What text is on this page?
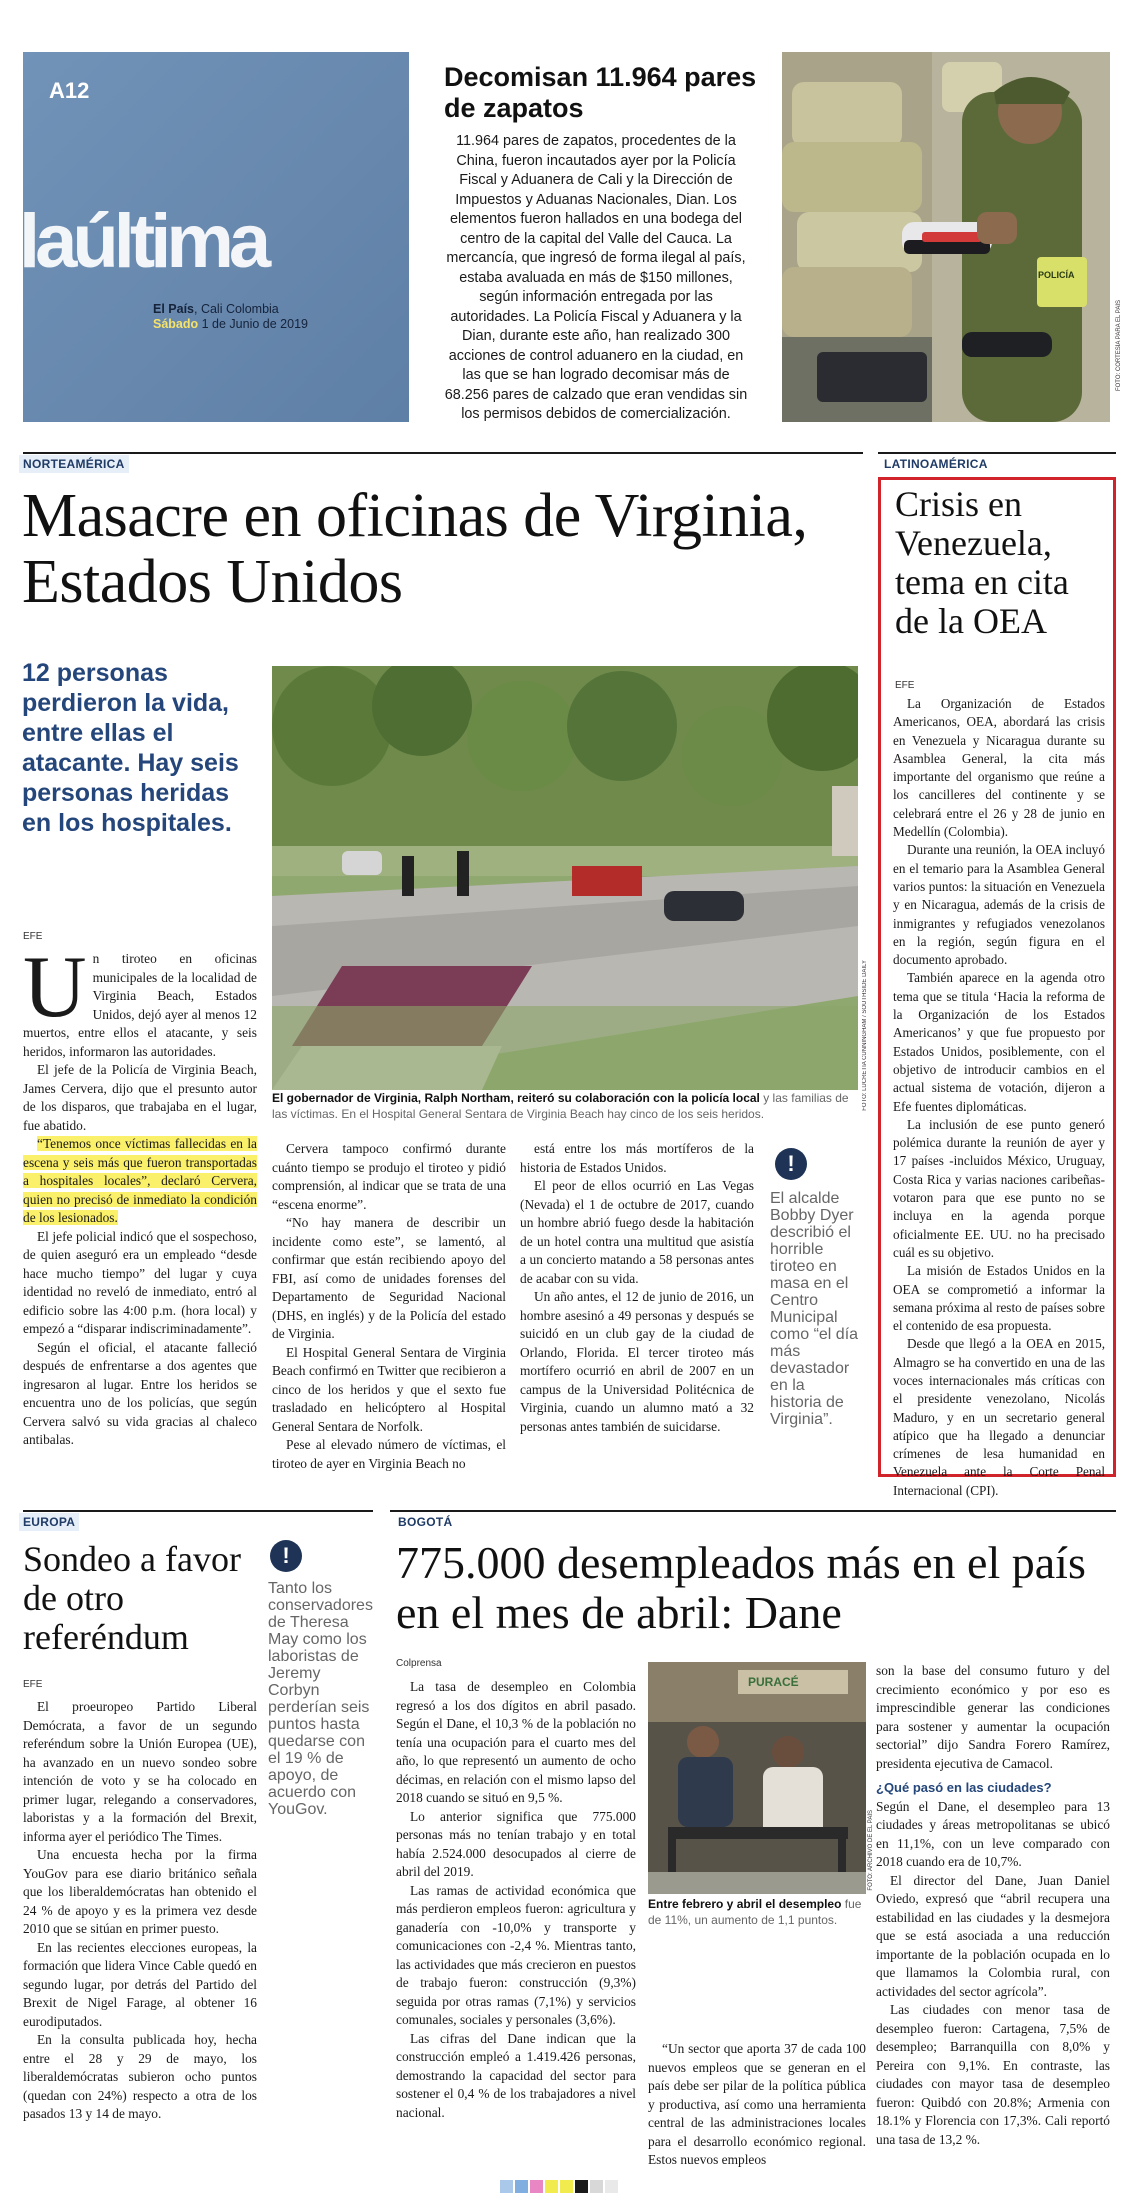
A12
laúltima
El País, Cali Colombia
Sábado 1 de Junio de 2019
Decomisan 11.964 pares de zapatos
11.964 pares de zapatos, procedentes de la China, fueron incautados ayer por la Policía Fiscal y Aduanera de Cali y la Dirección de Impuestos y Aduanas Nacionales, Dian. Los elementos fueron hallados en una bodega del centro de la capital del Valle del Cauca. La mercancía, que ingresó de forma ilegal al país, estaba avaluada en más de $150 millones, según información entregada por las autoridades. La Policía Fiscal y Aduanera y la Dian, durante este año, han realizado 300 acciones de control aduanero en la ciudad, en las que se han logrado decomisar más de 68.256 pares de calzado que eran vendidas sin los permisos debidos de comercialización.
POLICÍA
FOTO: CORTESÍA PARA EL PAÍS
NORTEAMÉRICA
Masacre en oficinas de Virginia, Estados Unidos
12 personas perdieron la vida, entre ellas el atacante. Hay seis personas heridas en los hospitales.
EFE
FOTO: LUCRETIA CUNNINGHAM / SOUTHSIDE DAILY
El gobernador de Virginia, Ralph Northam, reiteró su colaboración con la policía local y las familias de las víctimas. En el Hospital General Sentara de Virginia Beach hay cinco de los seis heridos.
U n tiroteo en oficinas municipales de la localidad de Virginia Beach, Estados Unidos, dejó ayer al menos 12 muertos, entre ellos el atacante, y seis heridos, informaron las autoridades.

El jefe de la Policía de Virginia Beach, James Cervera, dijo que el presunto autor de los disparos, que trabajaba en el lugar, fue abatido.

“Tenemos once víctimas fallecidas en la escena y seis más que fueron transportadas a hospitales locales”, declaró Cervera, quien no precisó de inmediato la condición de los lesionados.

El jefe policial indicó que el sospechoso, de quien aseguró era un empleado “desde hace mucho tiempo” del lugar y cuya identidad no reveló de inmediato, entró al edificio sobre las 4:00 p.m. (hora local) y empezó a “disparar indiscriminadamente”.

Según el oficial, el atacante falleció después de enfrentarse a dos agentes que ingresaron al lugar. Entre los heridos se encuentra uno de los policías, que según Cervera salvó su vida gracias al chaleco antibalas.

Cervera tampoco confirmó durante cuánto tiempo se produjo el tiroteo y pidió comprensión, al indicar que se trata de una “escena enorme”.

“No hay manera de describir un incidente como este”, se lamentó, al confirmar que están recibiendo apoyo del FBI, así como de unidades forenses del Departamento de Seguridad Nacional (DHS, en inglés) y de la Policía del estado de Virginia.

El Hospital General Sentara de Virginia Beach confirmó en Twitter que recibieron a cinco de los heridos y que el sexto fue trasladado en helicóptero al Hospital General Sentara de Norfolk.

Pese al elevado número de víctimas, el tiroteo de ayer en Virginia Beach no

está entre los más mortíferos de la historia de Estados Unidos.

El peor de ellos ocurrió en Las Vegas (Nevada) el 1 de octubre de 2017, cuando un hombre abrió fuego desde la habitación de un hotel contra una multitud que asistía a un concierto matando a 58 personas antes de acabar con su vida.

Un año antes, el 12 de junio de 2016, un hombre asesinó a 49 personas y después se suicidó en un club gay de la ciudad de Orlando, Florida. El tercer tiroteo más mortífero ocurrió en abril de 2007 en un campus de la Universidad Politécnica de Virginia, cuando un alumno mató a 32 personas antes también de suicidarse.

!
El alcalde Bobby Dyer describió el horrible tiroteo en masa en el Centro Municipal como “el día más devastador en la historia de Virginia”.
LATINOAMÉRICA
Crisis en Venezuela, tema en cita de la OEA
EFE

La Organización de Estados Americanos, OEA, abordará las crisis en Venezuela y Nicaragua durante su Asamblea General, la cita más importante del organismo que reúne a los cancilleres del continente y se celebrará entre el 26 y 28 de junio en Medellín (Colombia).

Durante una reunión, la OEA incluyó en el temario para la Asamblea General varios puntos: la situación en Venezuela y en Nicaragua, además de la crisis de inmigrantes y refugiados venezolanos en la región, según figura en el documento aprobado.

También aparece en la agenda otro tema que se titula ‘Hacia la reforma de la Organización de los Estados Americanos’ y que fue propuesto por Estados Unidos, posiblemente, con el objetivo de introducir cambios en el actual sistema de votación, dijeron a Efe fuentes diplomáticas.

La inclusión de ese punto generó polémica durante la reunión de ayer y 17 países -incluidos México, Uruguay, Costa Rica y varias naciones caribeñas- votaron para que ese punto no se incluya en la agenda porque oficialmente EE. UU. no ha precisado cuál es su objetivo.

La misión de Estados Unidos en la OEA se comprometió a informar la semana próxima al resto de países sobre el contenido de esa propuesta.

Desde que llegó a la OEA en 2015, Almagro se ha convertido en una de las voces internacionales más críticas con el presidente venezolano, Nicolás Maduro, y en un secretario general atípico que ha llegado a denunciar crímenes de lesa humanidad en Venezuela ante la Corte Penal Internacional (CPI).

EUROPA
Sondeo a favor de otro referéndum
EFE
!
Tanto los conservadores de Theresa May como los laboristas de Jeremy Corbyn perderían seis puntos hasta quedarse con el 19 % de apoyo, de acuerdo con YouGov.

El proeuropeo Partido Liberal Demócrata, a favor de un segundo referéndum sobre la Unión Europea (UE), ha avanzado en un nuevo sondeo sobre intención de voto y se ha colocado en primer lugar, relegando a conservadores, laboristas y a la formación del Brexit, informa ayer el periódico The Times.

Una encuesta hecha por la firma YouGov para ese diario británico señala que los liberaldemócratas han obtenido el 24 % de apoyo y es la primera vez desde 2010 que se sitúan en primer puesto.

En las recientes elecciones europeas, la formación que lidera Vince Cable quedó en segundo lugar, por detrás del Partido del Brexit de Nigel Farage, al obtener 16 eurodiputados.

En la consulta publicada hoy, hecha entre el 28 y 29 de mayo, los liberaldemócratas subieron ocho puntos (quedan con 24%) respecto a otra de los pasados 13 y 14 de mayo.

BOGOTÁ
775.000 desempleados más en el país en el mes de abril: Dane
Colprensa

La tasa de desempleo en Colombia regresó a los dos dígitos en abril pasado. Según el Dane, el 10,3 % de la población no tenía una ocupación para el cuarto mes del año, lo que representó un aumento de ocho décimas, en relación con el mismo lapso del 2018 cuando se situó en 9,5 %.

Lo anterior significa que 775.000 personas más no tenían trabajo y en total había 2.524.000 desocupados al cierre de abril del 2019.

Las ramas de actividad económica que más perdieron empleos fueron: agricultura y ganadería con -10,0% y transporte y comunicaciones con -2,4 %. Mientras tanto, las actividades que más crecieron en puestos de trabajo fueron: construcción (9,3%) seguida por otras ramas (7,1%) y servicios comunales, sociales y personales (3,6%).

Las cifras del Dane indican que la construcción empleó a 1.419.426 personas, demostrando la capacidad del sector para sostener el 0,4 % de los trabajadores a nivel nacional.

PURACÉ
FOTO: ARCHIVO DE EL PAÍS
Entre febrero y abril el desempleo fue de 11%, un aumento de 1,1 puntos.

“Un sector que aporta 37 de cada 100 nuevos empleos que se generan en el país debe ser pilar de la política pública y productiva, así como una herramienta central de las administraciones locales para el desarrollo económico regional. Estos nuevos empleos

son la base del consumo futuro y del crecimiento económico y por eso es imprescindible generar las condiciones para sostener y aumentar la ocupación sectorial” dijo Sandra Forero Ramírez, presidenta ejecutiva de Camacol.

¿Qué pasó en las ciudades?

Según el Dane, el desempleo para 13 ciudades y áreas metropolitanas se ubicó en 11,1%, con un leve comparado con 2018 cuando era de 10,7%.

El director del Dane, Juan Daniel Oviedo, expresó que “abril recupera una estabilidad en las ciudades y la desmejora que se está asociada a una reducción importante de la población ocupada en lo que llamamos la Colombia rural, con actividades del sector agrícola”.

Las ciudades con menor tasa de desempleo fueron: Cartagena, 7,5% de desempleo; Barranquilla con 8,0% y Pereira con 9,1%. En contraste, las ciudades con mayor tasa de desempleo fueron: Quibdó con 20.8%; Armenia con 18.1% y Florencia con 17,3%. Cali reportó una tasa de 13,2 %.
